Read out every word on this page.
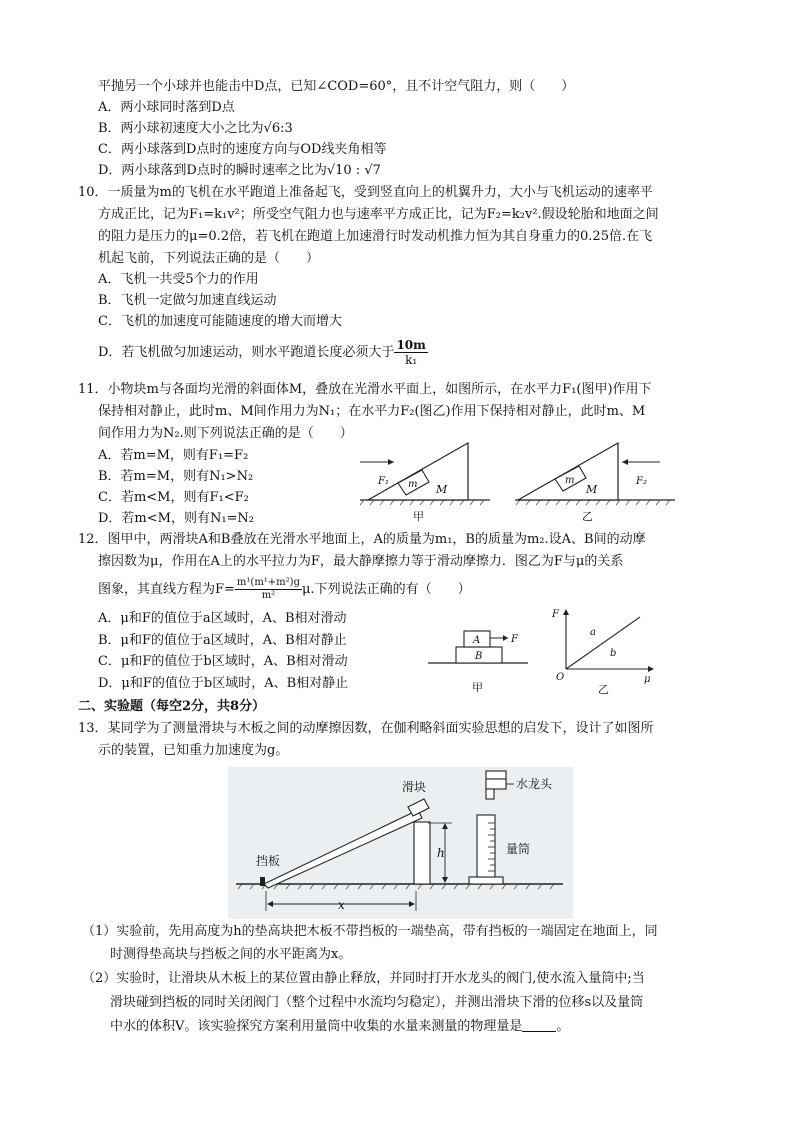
平抛另一个小球并也能击中D点，已知∠COD=60°，且不计空气阻力，则（　　）
A．两小球同时落到D点
B．两小球初速度大小之比为√6:3
C．两小球落到D点时的速度方向与OD线夹角相等
D．两小球落到D点时的瞬时速率之比为√10 : √7
10．一质量为m的飞机在水平跑道上准备起飞，受到竖直向上的机翼升力，大小与飞机运动的速率平
方成正比，记为F₁=k₁v²；所受空气阻力也与速率平方成正比，记为F₂=k₂v².假设轮胎和地面之间
的阻力是压力的μ=0.2倍，若飞机在跑道上加速滑行时发动机推力恒为其自身重力的0.25倍.在飞
机起飞前，下列说法正确的是（　　）
A．飞机一共受5个力的作用
B．飞机一定做匀加速直线运动
C．飞机的加速度可能随速度的增大而增大
D．若飞机做匀加速运动，则水平跑道长度必须大于 $\frac{10m}{\text{k₁}}$
11．小物块m与各面均光滑的斜面体M，叠放在光滑水平面上，如图所示，在水平力F₁(图甲)作用下
保持相对静止，此时m、M间作用力为N₁；在水平力F₂(图乙)作用下保持相对静止，此时m、M
间作用力为N₂.则下列说法正确的是（　　）
A．若m=M，则有F₁=F₂
B．若m=M，则有N₁>N₂
C．若m<M，则有F₁<F₂
D．若m<M，则有N₁=N₂
m M
F₁
甲
m
M
F₂
乙
12．图甲中，两滑块A和B叠放在光滑水平地面上，A的质量为m₁，B的质量为m₂.设A、B间的动摩
擦因数为μ，作用在A上的水平拉力为F，最大静摩擦力等于滑动摩擦力．图乙为F与μ的关系
图象，其直线方程为$F= \frac{\text{m¹(m¹+m²)g}}{\text{m²}} \mu$.下列说法正确的有（　　）
A．μ和F的值位于a区域时，A、B相对滑动
B．μ和F的值位于a区域时，A、B相对静止
C．μ和F的值位于b区域时，A、B相对滑动
D．μ和F的值位于b区域时，A、B相对静止
A
B
F
甲
F
μ
O
a
b
乙
二、实验题（每空2分，共8分）
13．某同学为了测量滑块与木板之间的动摩擦因数，在伽利略斜面实验思想的启发下，设计了如图所
示的装置，已知重力加速度为g。
h
x
滑块	水龙头
挡板
量筒
（1）实验前，先用高度为h的垫高块把木板不带挡板的一端垫高，带有挡板的一端固定在地面上，同
时测得垫高块与挡板之间的水平距离为x。
（2）实验时，让滑块从木板上的某位置由静止释放，并同时打开水龙头的阀门,使水流入量筒中;当
滑块碰到挡板的同时关闭阀门（整个过程中水流均匀稳定），并测出滑块下滑的位移s以及量筒
中水的体积V。该实验探究方案利用量筒中收集的水量来测量的物理量是	。
